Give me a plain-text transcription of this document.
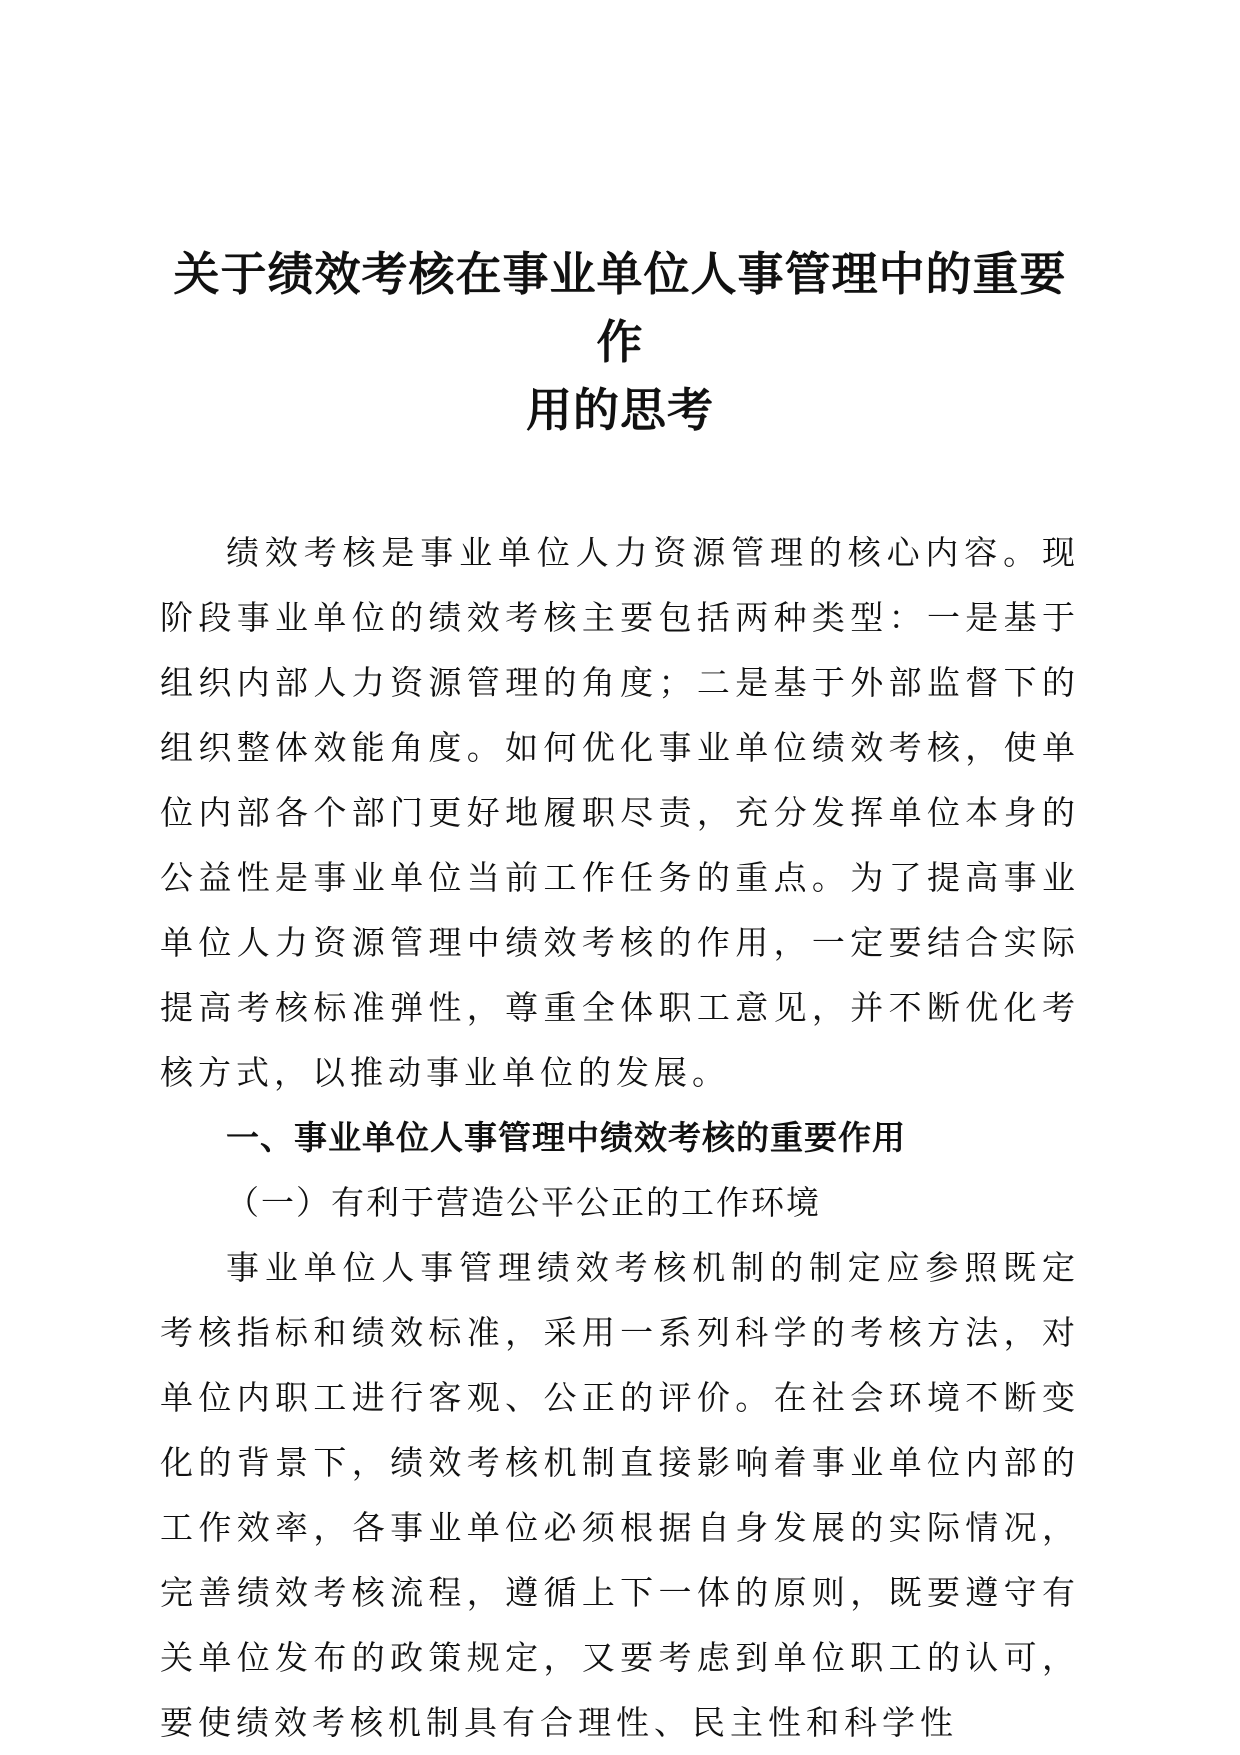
关于绩效考核在事业单位人事管理中的重要作
用的思考

绩效考核是事业单位人力资源管理的核心内容。现阶段事业单位的绩效考核主要包括两种类型：一是基于组织内部人力资源管理的角度；二是基于外部监督下的组织整体效能角度。如何优化事业单位绩效考核，使单位内部各个部门更好地履职尽责，充分发挥单位本身的公益性是事业单位当前工作任务的重点。为了提高事业单位人力资源管理中绩效考核的作用，一定要结合实际提高考核标准弹性，尊重全体职工意见，并不断优化考核方式，以推动事业单位的发展。

一、事业单位人事管理中绩效考核的重要作用

（一）有利于营造公平公正的工作环境

事业单位人事管理绩效考核机制的制定应参照既定考核指标和绩效标准，采用一系列科学的考核方法，对单位内职工进行客观、公正的评价。在社会环境不断变化的背景下，绩效考核机制直接影响着事业单位内部的工作效率，各事业单位必须根据自身发展的实际情况，完善绩效考核流程，遵循上下一体的原则，既要遵守有关单位发布的政策规定，又要考虑到单位职工的认可，要使绩效考核机制具有合理性、民主性和科学性
